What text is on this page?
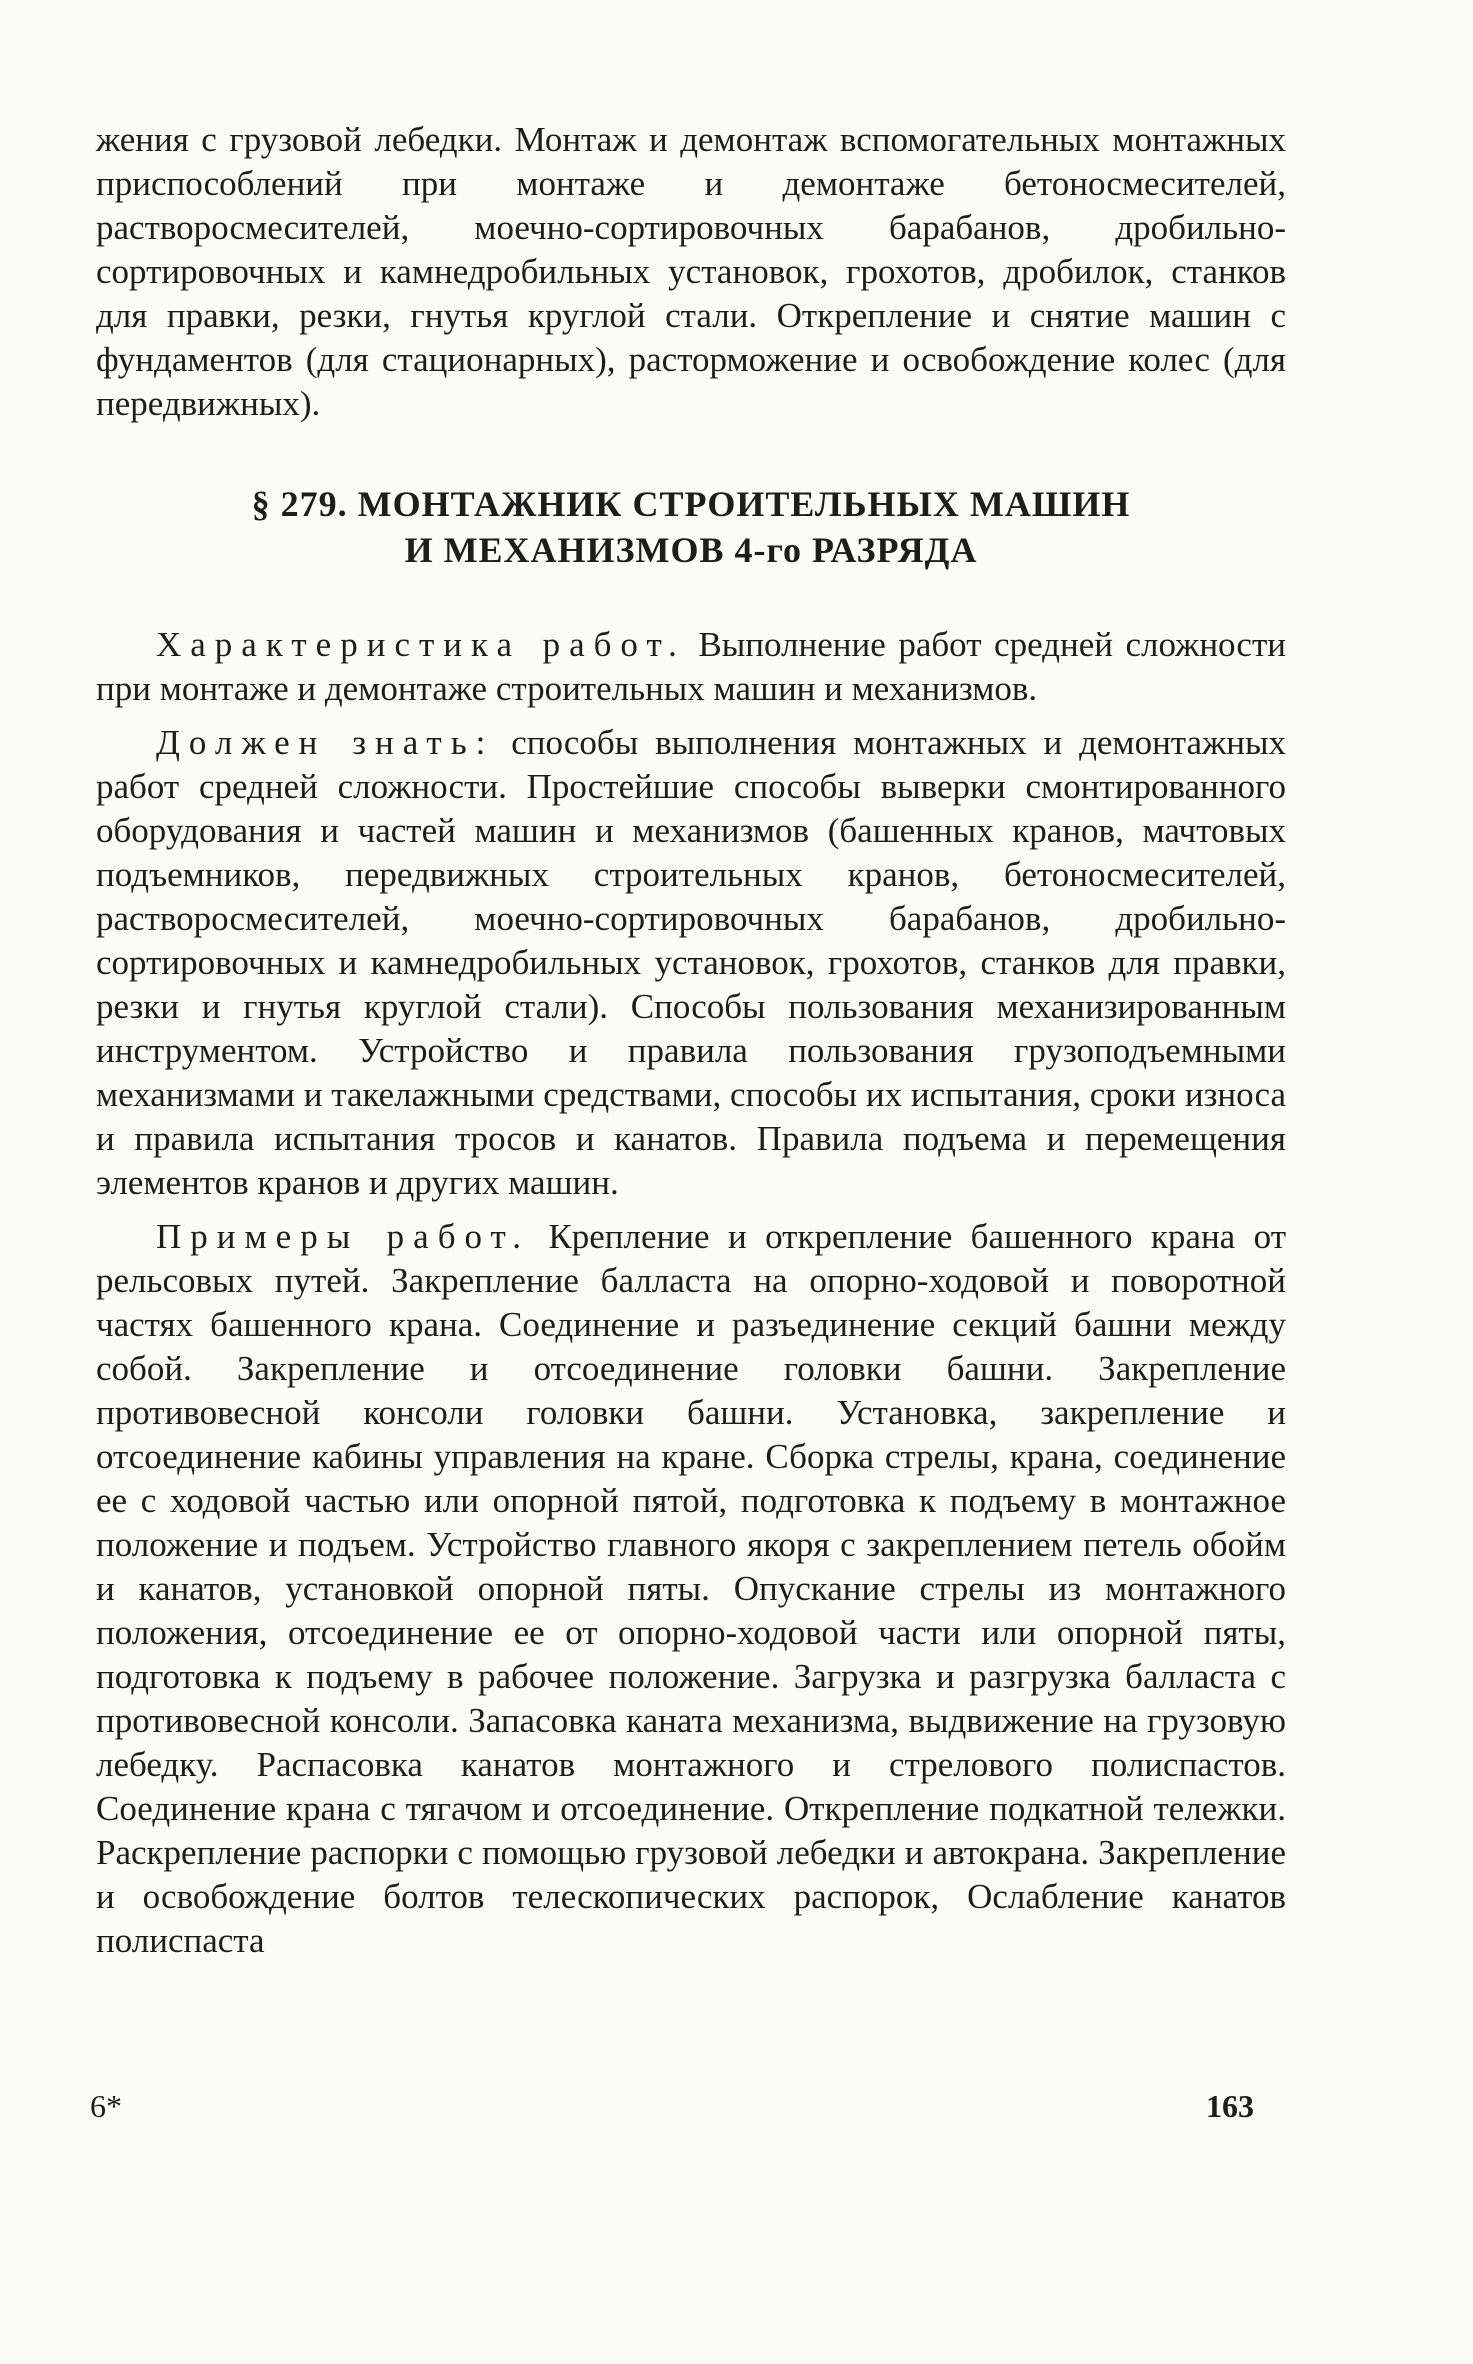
жения с грузовой лебедки. Монтаж и демонтаж вспомогательных монтажных приспособлений при монтаже и демонтаже бетоносмесителей, растворосмесителей, моечно-сортировочных барабанов, дробильно-сортировочных и камнедробильных установок, грохотов, дробилок, станков для правки, резки, гнутья круглой стали. Открепление и снятие машин с фундаментов (для стационарных), расторможение и освобождение колес (для передвижных).

§ 279. МОНТАЖНИК СТРОИТЕЛЬНЫХ МАШИН
И МЕХАНИЗМОВ 4-го РАЗРЯДА

Характеристика работ. Выполнение работ средней сложности при монтаже и демонтаже строительных машин и механизмов.

Должен знать: способы выполнения монтажных и демонтажных работ средней сложности. Простейшие способы выверки смонтированного оборудования и частей машин и механизмов (башенных кранов, мачтовых подъемников, передвижных строительных кранов, бетоносмесителей, растворосмесителей, моечно-сортировочных барабанов, дробильно-сортировочных и камнедробильных установок, грохотов, станков для правки, резки и гнутья круглой стали). Способы пользования механизированным инструментом. Устройство и правила пользования грузоподъемными механизмами и такелажными средствами, способы их испытания, сроки износа и правила испытания тросов и канатов. Правила подъема и перемещения элементов кранов и других машин.

Примеры работ. Крепление и открепление башенного крана от рельсовых путей. Закрепление балласта на опорно-ходовой и поворотной частях башенного крана. Соединение и разъединение секций башни между собой. Закрепление и отсоединение головки башни. Закрепление противовесной консоли головки башни. Установка, закрепление и отсоединение кабины управления на кране. Сборка стрелы, крана, соединение ее с ходовой частью или опорной пятой, подготовка к подъему в монтажное положение и подъем. Устройство главного якоря с закреплением петель обойм и канатов, установкой опорной пяты. Опускание стрелы из монтажного положения, отсоединение ее от опорно-ходовой части или опорной пяты, подготовка к подъему в рабочее положение. Загрузка и разгрузка балласта с противовесной консоли. Запасовка каната механизма, выдвижение на грузовую лебедку. Распасовка канатов монтажного и стрелового полиспастов. Соединение крана с тягачом и отсоединение. Открепление подкатной тележки. Раскрепление распорки с помощью грузовой лебедки и автокрана. Закрепление и освобождение болтов телескопических распорок, Ослабление канатов полиспаста

6*	163
